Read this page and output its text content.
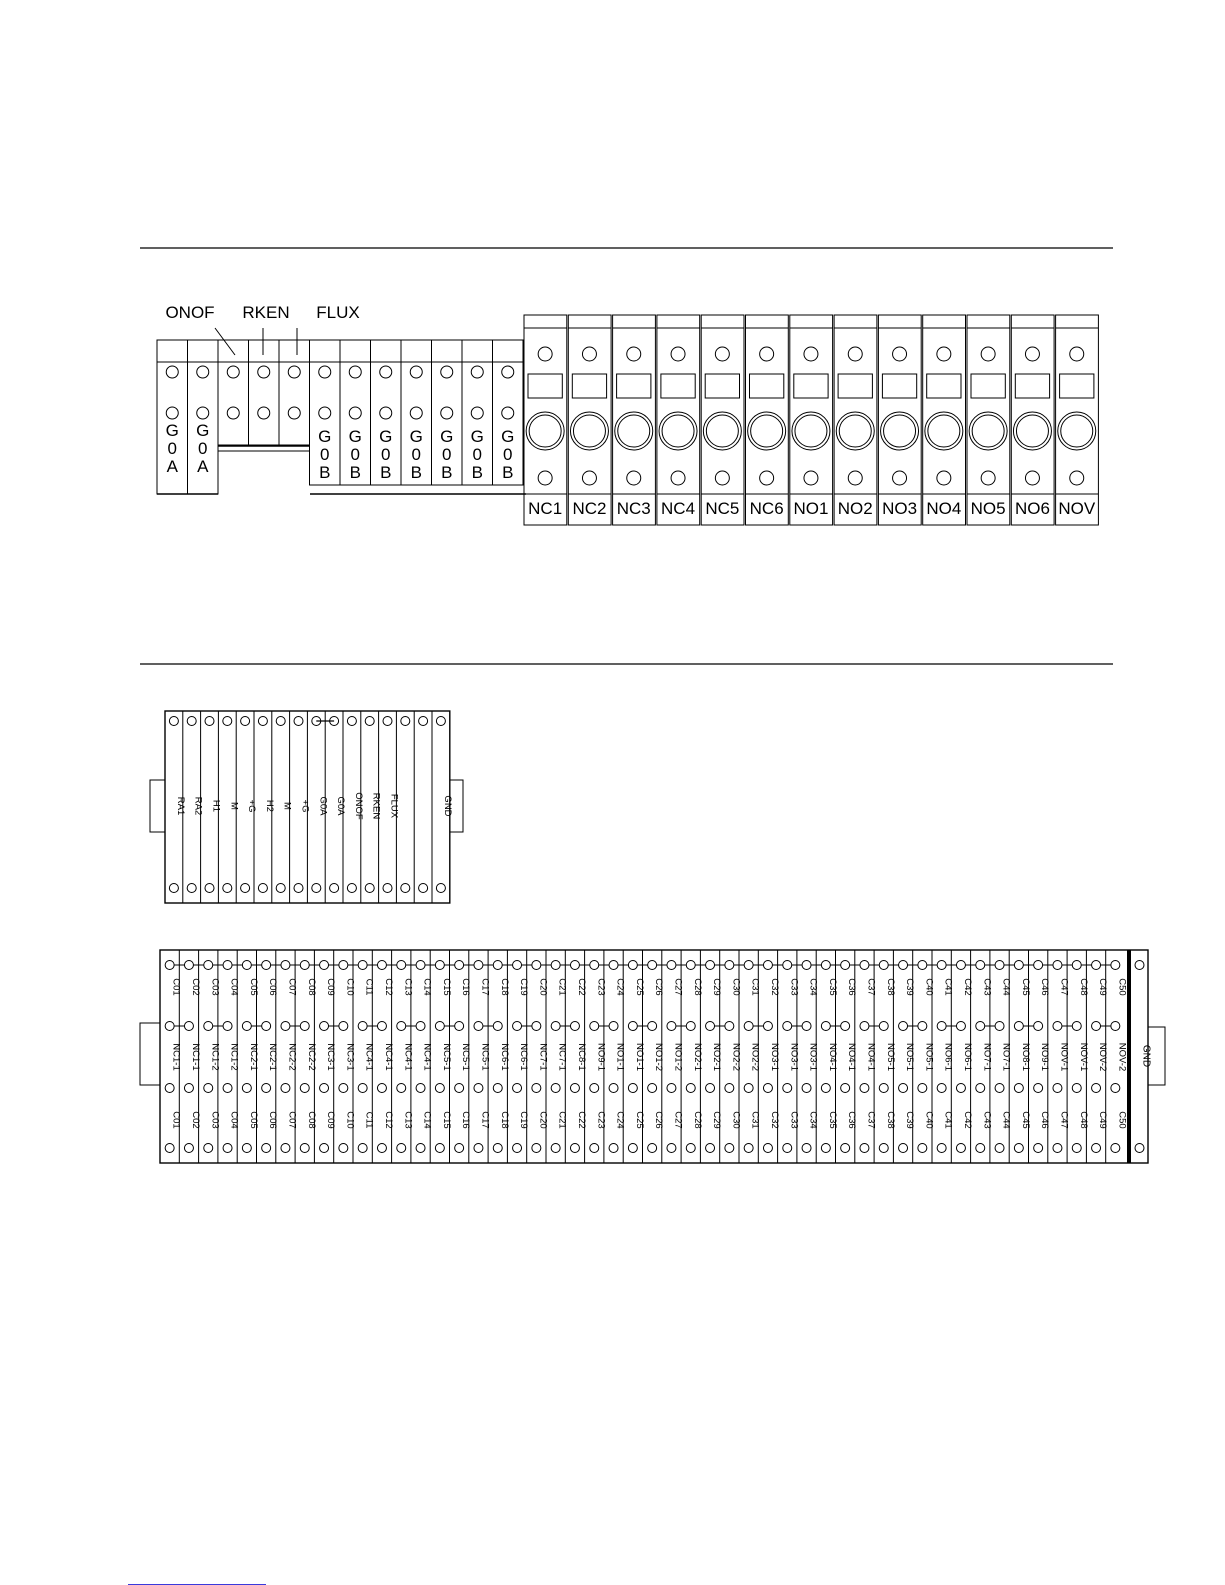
G
0
A
G
0
A
G
0
B
G
0
B
G
0
B
G
0
B
G
0
B
G
0
B
G
0
B
ONOF RKEN FLUX
NC1 NC2 NC3 NC4 NC5 NC6 NO1 NO2 NO3 NO4 NO5 NO6 NOV
RA1 RA2 H1 M +G H2 M +G G0A G0A ONOF RKEN FLUX	GND
C01
NC1-1
C01
C02
NC1-1
C02
C03
NC1-2
C03
C04
NC1-2
C04
C05
NC2-1
C05
C06
NC2-1
C06
C07
NC2-2
C07
C08
NC2-2
C08
C09
NC3-1
C09
C10
NC3-1
C10
C11
NC4-1
C11
C12
NC4-1
C12
C13
NC4-1
C13
C14
NC4-1
C14
C15
NC5-1
C15
C16
NC5-1
C16
C17
NC5-1
C17
C18
NC6-1
C18
C19
NC6-1
C19
C20
NC7-1
C20
C21
NC7-1
C21
C22
NC8-1
C22
C23
NO9-1
C23
C24
NO1-1
C24
C25
NO1-1
C25
C26
NO1-2
C26
C27
NO1-2
C27
C28
NO2-1
C28
C29
NO2-1
C29
C30
NO2-2
C30
C31
NO2-2
C31
C32
NO3-1
C32
C33
NO3-1
C33
C34
NO3-1
C34
C35
NO4-1
C35
C36
NO4-1
C36
C37
NO4-1
C37
C38
NO5-1
C38
C39
NO5-1
C39
C40
NO5-1
C40
C41
NO6-1
C41
C42
NO6-1
C42
C43
NO7-1
C43
C44
NO7-1
C44
C45
NO8-1
C45
C46
NO9-1
C46
C47
NOV-1
C47
C48
NOV-1
C48
C49
NOV-2
C49
C50
NOV-2
C50
GND
